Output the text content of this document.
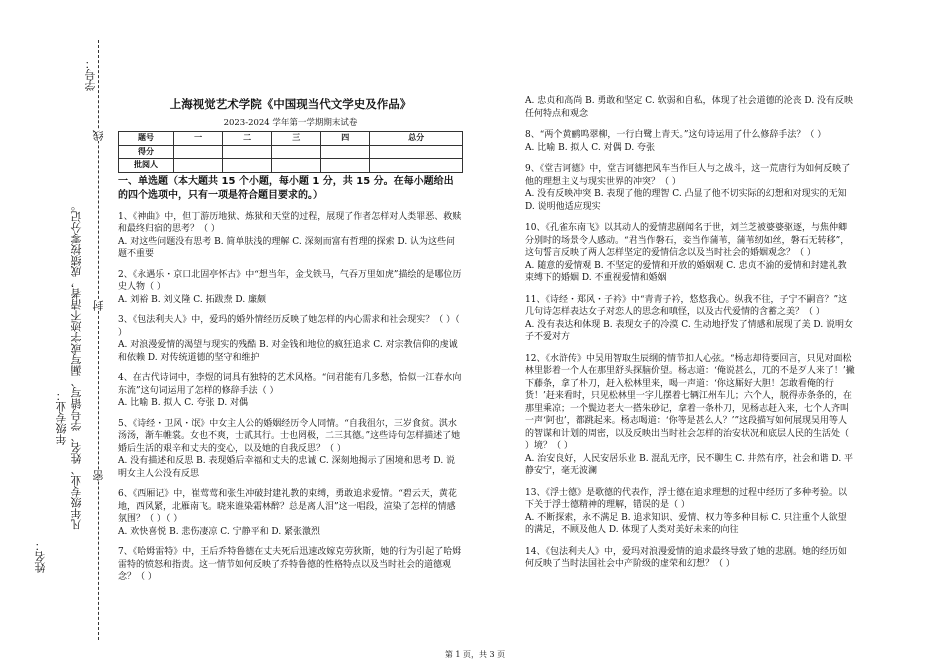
姓名：
年级专业： 凡年级专业、姓名、学号错写、漏写或字迹不清者，成绩按零分记。
学号：
密
封
线
上海视觉艺术学院《中国现当代文学史及作品》
2023-2024 学年第一学期期末试卷
题号	一	二	三	四	总分
得分					
批阅人					
一、单选题（本大题共 15 个小题，每小题 1 分，共 15 分。在每小题给出的四个选项中，只有一项是符合题目要求的。）

1、《神曲》中，但丁游历地狱、炼狱和天堂的过程，展现了作者怎样对人类罪恶、救赎和最终归宿的思考？（ ）

A. 对这些问题没有思考 B. 简单肤浅的理解 C. 深刻而富有哲理的探索 D. 认为这些问题不重要

2、《永遇乐・京口北固亭怀古》中“想当年，金戈铁马，气吞万里如虎”描绘的是哪位历史人物（ ）

A. 刘裕 B. 刘义隆 C. 拓跋焘 D. 廉颇

3、《包法利夫人》中，爱玛的婚外情经历反映了她怎样的内心需求和社会现实？（ ）（ ）

A. 对浪漫爱情的渴望与现实的残酷 B. 对金钱和地位的疯狂追求 C. 对宗教信仰的虔诚和依赖 D. 对传统道德的坚守和维护

4、在古代诗词中，李煜的词具有独特的艺术风格。“问君能有几多愁，恰似一江春水向东流”这句词运用了怎样的修辞手法（ ）

A. 比喻 B. 拟人 C. 夸张 D. 对偶

5、《诗经・卫风・氓》中女主人公的婚姻经历令人同情。“自我徂尔，三岁食贫。淇水汤汤，渐车帷裳。女也不爽，士贰其行。士也罔极，二三其德。”这些诗句怎样描述了她婚后生活的艰辛和丈夫的变心，以及她的自我反思？（ ）

A. 没有描述和反思 B. 表现婚后幸福和丈夫的忠诚 C. 深刻地揭示了困境和思考 D. 说明女主人公没有反思

6、《西厢记》中，崔莺莺和张生冲破封建礼教的束缚，勇敢追求爱情。“碧云天，黄花地，西风紧，北雁南飞。晓来谁染霜林醉？总是离人泪”这一唱段，渲染了怎样的情感氛围？（ ）（ ）

A. 欢快喜悦 B. 悲伤凄凉 C. 宁静平和 D. 紧张激烈

7、《哈姆雷特》中，王后乔特鲁德在丈夫死后迅速改嫁克劳狄斯，她的行为引起了哈姆雷特的愤怒和指责。这一情节如何反映了乔特鲁德的性格特点以及当时社会的道德观念？（ ）

A. 忠贞和高尚 B. 勇敢和坚定 C. 软弱和自私，体现了社会道德的沦丧 D. 没有反映任何特点和观念

8、“两个黄鹂鸣翠柳，一行白鹭上青天。”这句诗运用了什么修辞手法？（ ）

A. 比喻 B. 拟人 C. 对偶 D. 夸张

9、《堂吉诃德》中，堂吉诃德把风车当作巨人与之战斗，这一荒唐行为如何反映了他的理想主义与现实世界的冲突？（ ）

A. 没有反映冲突 B. 表现了他的理智 C. 凸显了他不切实际的幻想和对现实的无知 D. 说明他适应现实

10、《孔雀东南飞》以其动人的爱情悲剧闻名于世，刘兰芝被婆婆驱逐，与焦仲卿分别时的场景令人感动。“君当作磐石，妾当作蒲苇，蒲苇纫如丝，磐石无转移”，这句誓言反映了两人怎样坚定的爱情信念以及当时社会的婚姻观念？（ ）

A. 随意的爱情观 B. 不坚定的爱情和开放的婚姻观 C. 忠贞不渝的爱情和封建礼教束缚下的婚姻 D. 不重视爱情和婚姻

11、《诗经・郑风・子衿》中“青青子衿，悠悠我心。纵我不往，子宁不嗣音？”这几句诗怎样表达女子对恋人的思念和嗔怪，以及古代爱情的含蓄之美？（ ）

A. 没有表达和体现 B. 表现女子的冷漠 C. 生动地抒发了情感和展现了美 D. 说明女子不爱对方

12、《水浒传》中吴用智取生辰纲的情节扣人心弦。“杨志却待要回言，只见对面松林里影着一个人在那里舒头探脑价望。杨志道：‘俺说甚么，兀的不是歹人来了！’撇下藤条，拿了朴刀，赶入松林里来，喝一声道：‘你这厮好大胆！怎敢看俺的行货！’赶来看时，只见松林里一字儿摆着七辆江州车儿；六个人，脱得赤条条的，在那里乘凉；一个鬓边老大一搭朱砂记，拿着一条朴刀，见杨志赶入来，七个人齐叫一声‘阿也’，都跳起来。杨志喝道：‘你等是甚么人？’”这段描写如何展现吴用等人的智谋和计划的周密，以及反映出当时社会怎样的治安状况和底层人民的生活处（ ）境？（ ）

A. 治安良好，人民安居乐业 B. 混乱无序，民不聊生 C. 井然有序，社会和谐 D. 平静安宁，毫无波澜

13、《浮士德》是歌德的代表作，浮士德在追求理想的过程中经历了多种考验。以下关于浮士德精神的理解，错误的是（ ）

A. 不断探索，永不满足 B. 追求知识、爱情、权力等多种目标 C. 只注重个人欲望的满足，不顾及他人 D. 体现了人类对美好未来的向往

14、《包法利夫人》中，爱玛对浪漫爱情的追求最终导致了她的悲剧。她的经历如何反映了当时法国社会中产阶级的虚荣和幻想？（ ）

第 1 页，共 3 页
